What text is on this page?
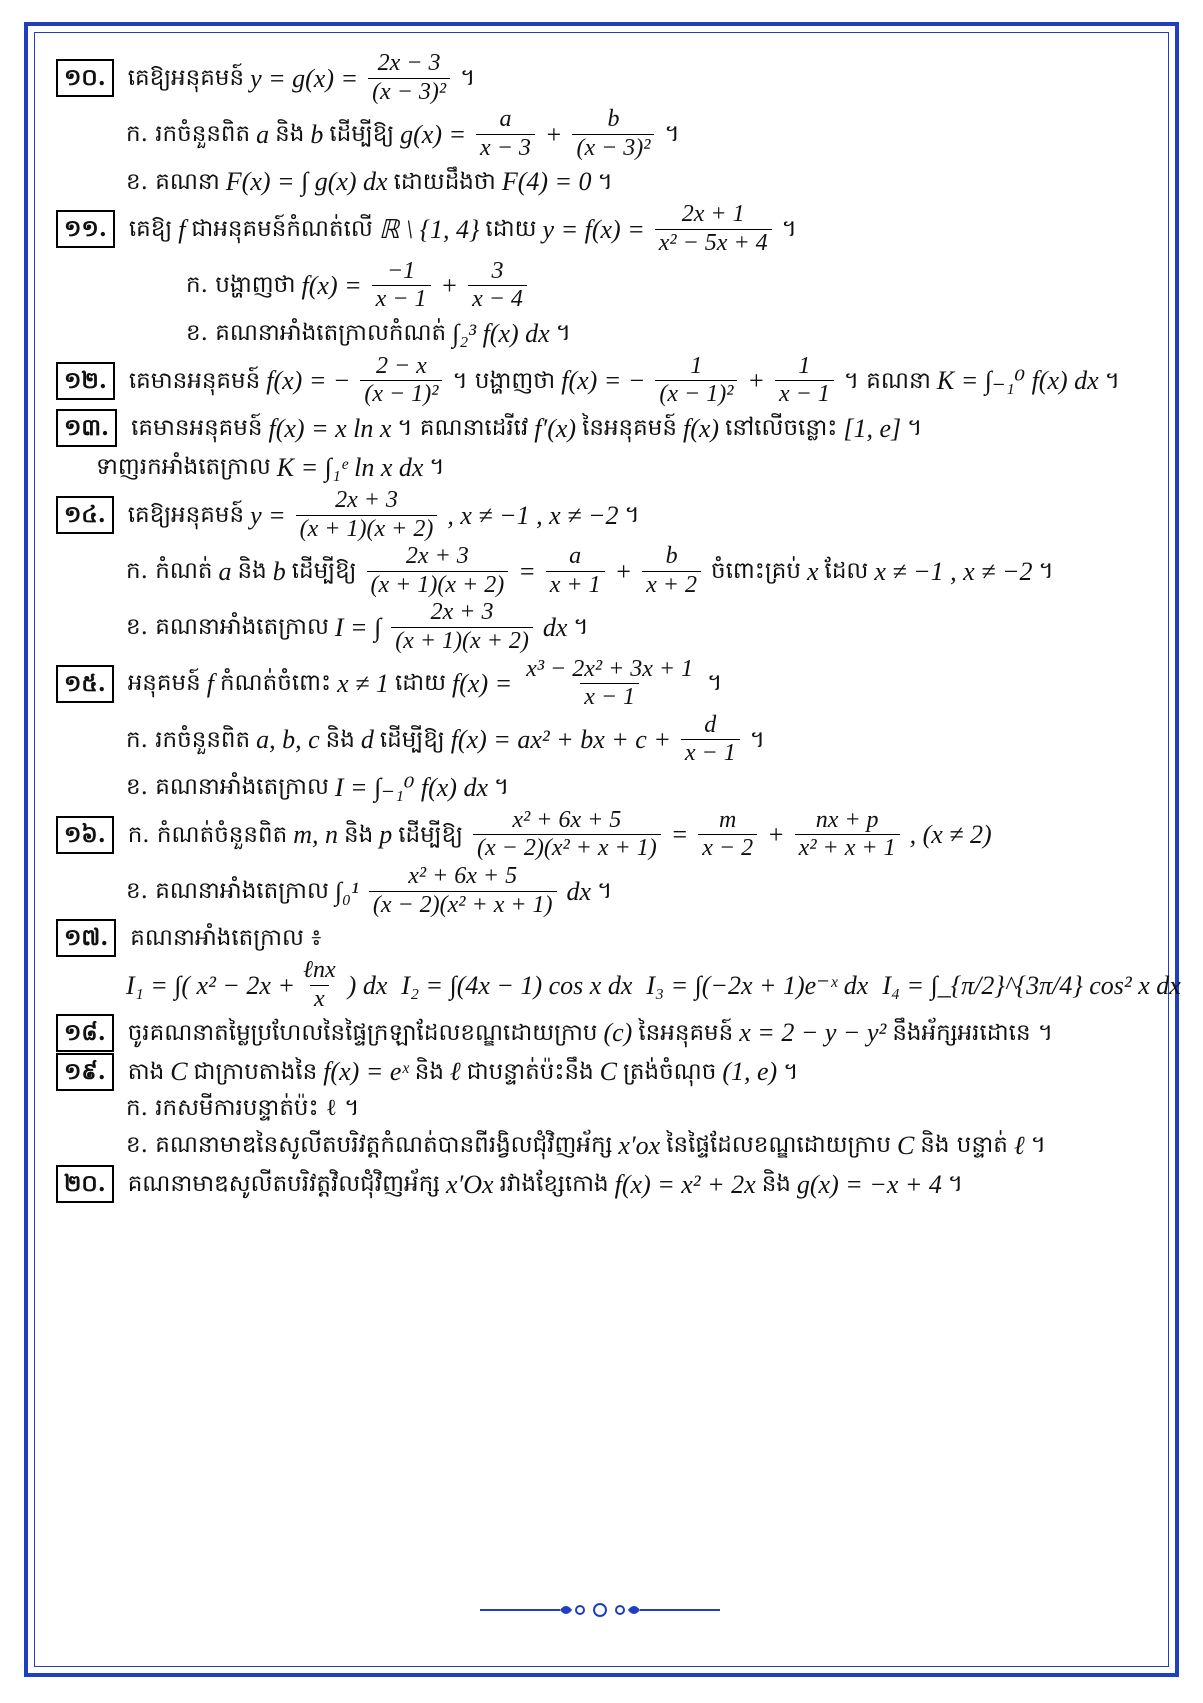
១០. គេឱ្យអនុគមន៍ $y = g(x) = \frac{2x - 3}{\text{(x − 3)²}}$ ។
ក. រកចំនួនពិត a និង b ដើម្បីឱ្យ $g(x) = \frac{a}{x - 3} + \frac{b}{\text{(x − 3)²}}$ ។
ខ. គណនា F(x) = ∫ g(x) dx ដោយដឹងថា F(4) = 0 ។
១១. គេឱ្យ f ជាអនុគមន៍កំណត់លើ ℝ \ {1, 4} ដោយ $y = f(x) = \frac{2x + 1}{\text{x² − 5x + 4}}$ ។
ក. បង្ហាញថា $f(x) = \frac{-1}{x - 1} + \frac{3}{x - 4}$
ខ. គណនាអាំងតេក្រាលកំណត់ ∫₂³ f(x) dx ។
១២. គេមានអនុគមន៍ f(x) = − $\frac{2 - x}{\text{(x − 1)²}}$ ។ បង្ហាញថា f(x) = − $\frac{1}{\text{(x − 1)²}} + \frac{1}{x - 1}$ ។ គណនា K = ∫₋₁⁰ f(x) dx ។
១៣. គេមានអនុគមន៍ f(x) = x ln x ។ គណនាដេរីវេ f′(x) នៃអនុគមន៍ f(x) នៅលើចន្លោះ [1, e] ។
ទាញរកអាំងតេក្រាល K = ∫₁ᵉ ln x dx ។
១៤. គេឱ្យអនុគមន៍ $y = \frac{2x + 3}{(x + 1)(x + 2)}$ , x ≠ −1 , x ≠ −2 ។
ក. កំណត់ a និង b ដើម្បីឱ្យ $\frac{2x + 3}{(x + 1)(x + 2)} = \frac{a}{x + 1} + \frac{b}{x + 2}$ ចំពោះគ្រប់ x ដែល x ≠ −1 , x ≠ −2 ។
ខ. គណនាអាំងតេក្រាល I = ∫ $\frac{2x + 3}{(x + 1)(x + 2)}$ dx ។
១៥. អនុគមន៍ f កំណត់ចំពោះ x ≠ 1 ដោយ $f(x) = \frac{\text{x³ − 2x² + 3x + 1}}{x - 1}$ ។
ក. រកចំនួនពិត a, b, c និង d ដើម្បីឱ្យ f(x) = ax² + bx + $c + \frac{d}{x - 1}$ ។
ខ. គណនាអាំងតេក្រាល I = ∫₋₁⁰ f(x) dx ។
១៦. ក. កំណត់ចំនួនពិត m, n និង p ដើម្បីឱ្យ $\frac{\text{x² + 6x + 5}}{\text{(x − 2)(x² + x + 1)}} = \frac{m}{x - 2} + \frac{nx + p}{\text{x² + x + 1}}$ , (x ≠ 2)
ខ. គណនាអាំងតេក្រាល $\int_0^1 \frac{\text{x² + 6x + 5}}{\text{(x − 2)(x² + x + 1)}}$ dx ។
១៧. គណនាអាំងតេក្រាល ៖
I₁ = ∫( $x^2 - 2x + \frac{\text{ℓnx}}{x}$ ) dx I₂ = ∫(4x − 1) cos x dx I₃ = ∫(−2x + 1)e⁻ˣ dx I₄ = ∫_{π/2}^{3π/4} cos² x dx
១៨. ចូរគណនាតម្លៃប្រហែលនៃផ្ទៃក្រឡាដែលខណ្ឌដោយក្រាប (c) នៃអនុគមន៍ x = 2 − y − y² នឹងអ័ក្សអរដោនេ ។
១៩. តាង C ជាក្រាបតាងនៃ f(x) = eˣ និង ℓ ជាបន្ទាត់ប៉ះនឹង C ត្រង់ចំណុច (1, e) ។
ក. រកសមីការបន្ទាត់ប៉ះ ℓ ។
ខ. គណនាមាឌនៃសូលីតបរិវត្តកំណត់បានពីរង្វិលជុំវិញអ័ក្ស x′ox នៃផ្ទៃដែលខណ្ឌដោយក្រាប C និង បន្ទាត់ ℓ ។
២០. គណនាមាឌសូលីតបរិវត្តវិលជុំវិញអ័ក្ស x′Ox រវាងខ្សែកោង f(x) = x² + 2x និង g(x) = −x + 4 ។
